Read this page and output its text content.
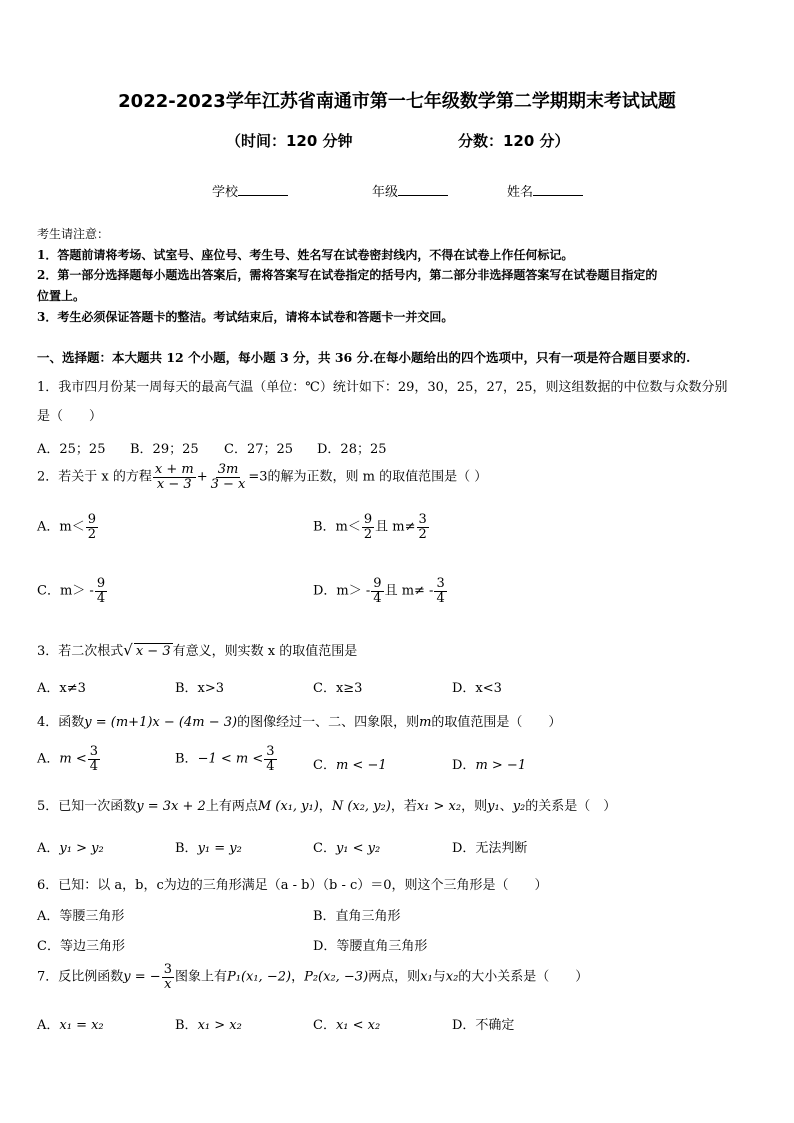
2022-2023学年江苏省南通市第一七年级数学第二学期期末考试试题
（时间：120 分钟	分数：120 分）
学校	年级	姓名
考生请注意：
1．答题前请将考场、试室号、座位号、考生号、姓名写在试卷密封线内，不得在试卷上作任何标记。
2．第一部分选择题每小题选出答案后，需将答案写在试卷指定的括号内，第二部分非选择题答案写在试卷题目指定的
位置上。
3．考生必须保证答题卡的整洁。考试结束后，请将本试卷和答题卡一并交回。
一、选择题：本大题共 12 个小题，每小题 3 分，共 36 分.在每小题给出的四个选项中，只有一项是符合题目要求的.
1．我市四月份某一周每天的最高气温（单位：℃）统计如下：29，30，25，27，25，则这组数据的中位数与众数分别
是（　　）
A．25；25 B．29；25 C．27；25 D．28；25
2．若关于 x 的方程 $\frac{x + m}{x - 3} + \frac{3m}{3 - x} =3$的解为正数，则 m 的取值范围是（ ）
A．$m< \frac{9}{2}$	B．$m< \frac{9}{2}$ 且 $m\ne \frac{3}{2}$
C．$m> - \frac{9}{4}$	D．$m> - \frac{9}{4}$ 且 $m\ne - \frac{3}{4}$
3．若二次根式√ x − 3 有意义，则实数 x 的取值范围是
A．x≠3	B．x>3	C．x≥3	D．x<3
4．函数y = (m+1)x − (4m − 3)的图像经过一、二、四象限，则m的取值范围是（　　）
A．$m < \frac{3}{4}$	B．$-1 < m < \frac{3}{4}$	C．m < −1	D．m > −1
5．已知一次函数y = 3x + 2上有两点M (x₁, y₁)，N (x₂, y₂)，若x₁ > x₂，则y₁、y₂的关系是（　）
A．y₁ > y₂	B．y₁ = y₂	C．y₁ < y₂	D．无法判断
6．已知：以 a，b，c为边的三角形满足（a - b）（b - c）＝0，则这个三角形是（　　）
A．等腰三角形	B．直角三角形
C．等边三角形	D．等腰直角三角形
7．反比例函数y = − $\frac{3}{x}$ 图象上有P₁(x₁, −2)，P₂(x₂, −3)两点，则x₁与x₂的大小关系是（　　）
A．x₁ = x₂	B．x₁ > x₂	C．x₁ < x₂	D．不确定
